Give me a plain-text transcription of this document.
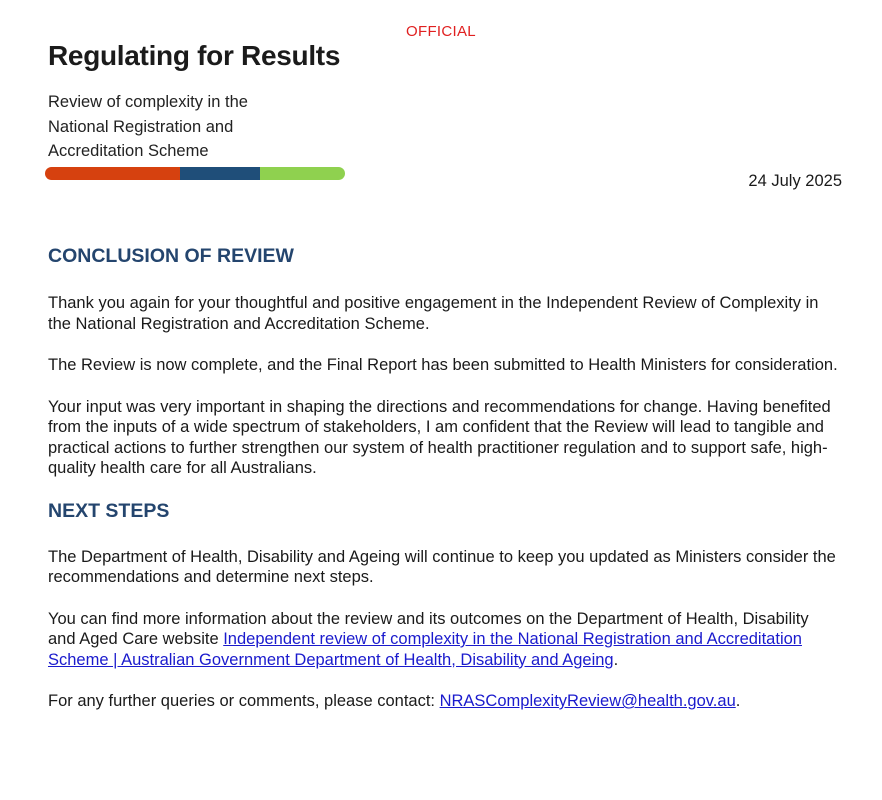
OFFICIAL
Regulating for Results
Review of complexity in the
National Registration and
Accreditation Scheme
24 July 2025
CONCLUSION OF REVIEW

Thank you again for your thoughtful and positive engagement in the Independent Review of Complexity in the National Registration and Accreditation Scheme.

The Review is now complete, and the Final Report has been submitted to Health Ministers for consideration.

Your input was very important in shaping the directions and recommendations for change. Having benefited from the inputs of a wide spectrum of stakeholders, I am confident that the Review will lead to tangible and practical actions to further strengthen our system of health practitioner regulation and to support safe, high-quality health care for all Australians.

NEXT STEPS

The Department of Health, Disability and Ageing will continue to keep you updated as Ministers consider the recommendations and determine next steps.

You can find more information about the review and its outcomes on the Department of Health, Disability and Aged Care website Independent review of complexity in the National Registration and Accreditation Scheme | Australian Government Department of Health, Disability and Ageing.

For any further queries or comments, please contact: NRASComplexityReview@health.gov.au.
